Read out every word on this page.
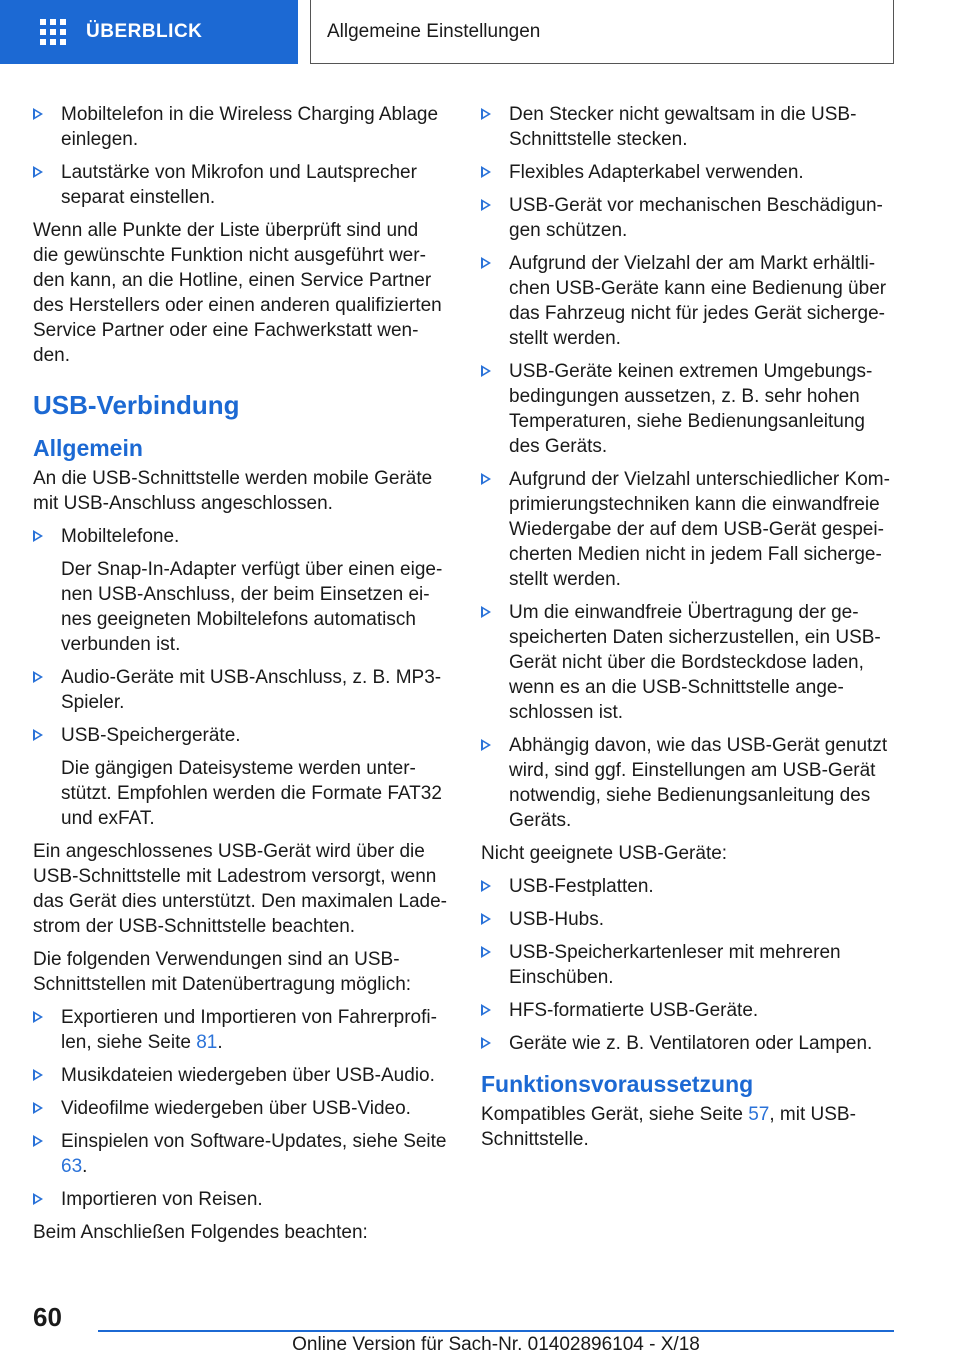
ÜBERBLICK	Allgemeine Einstellungen
Mobiltelefon in die Wireless Charging Ablage einlegen.
Lautstärke von Mikrofon und Lautsprecher separat einstellen.

Wenn alle Punkte der Liste überprüft sind und die gewünschte Funktion nicht ausgeführt werden kann, an die Hotline, einen Service Partner des Herstellers oder einen anderen qualifizierten Service Partner oder eine Fachwerkstatt wenden.

USB-Verbindung
Allgemein

An die USB-Schnittstelle werden mobile Geräte mit USB-Anschluss angeschlossen.

Mobiltelefone.
Der Snap-In-Adapter verfügt über einen eigenen USB-Anschluss, der beim Einsetzen eines geeigneten Mobiltelefons automatisch verbunden ist.
Audio-Geräte mit USB-Anschluss, z. B. MP3-Spieler.
USB-Speichergeräte.
Die gängigen Dateisysteme werden unterstützt. Empfohlen werden die Formate FAT32 und exFAT.

Ein angeschlossenes USB-Gerät wird über die USB-Schnittstelle mit Ladestrom versorgt, wenn das Gerät dies unterstützt. Den maximalen Ladestrom der USB-Schnittstelle beachten.

Die folgenden Verwendungen sind an USB-Schnittstellen mit Datenübertragung möglich:

Exportieren und Importieren von Fahrerprofilen, siehe Seite 81.
Musikdateien wiedergeben über USB-Audio.
Videofilme wiedergeben über USB-Video.
Einspielen von Software-Updates, siehe Seite 63.
Importieren von Reisen.

Beim Anschließen Folgendes beachten:

Den Stecker nicht gewaltsam in die USB-Schnittstelle stecken.
Flexibles Adapterkabel verwenden.
USB-Gerät vor mechanischen Beschädigungen schützen.
Aufgrund der Vielzahl der am Markt erhältlichen USB-Geräte kann eine Bedienung über das Fahrzeug nicht für jedes Gerät sichergestellt werden.
USB-Geräte keinen extremen Umgebungsbedingungen aussetzen, z. B. sehr hohen Temperaturen, siehe Bedienungsanleitung des Geräts.
Aufgrund der Vielzahl unterschiedlicher Komprimierungstechniken kann die einwandfreie Wiedergabe der auf dem USB-Gerät gespeicherten Medien nicht in jedem Fall sichergestellt werden.
Um die einwandfreie Übertragung der gespeicherten Daten sicherzustellen, ein USB-Gerät nicht über die Bordsteckdose laden, wenn es an die USB-Schnittstelle angeschlossen ist.
Abhängig davon, wie das USB-Gerät genutzt wird, sind ggf. Einstellungen am USB-Gerät notwendig, siehe Bedienungsanleitung des Geräts.

Nicht geeignete USB-Geräte:

USB-Festplatten.
USB-Hubs.
USB-Speicherkartenleser mit mehreren Einschüben.
HFS-formatierte USB-Geräte.
Geräte wie z. B. Ventilatoren oder Lampen.
Funktionsvoraussetzung

Kompatibles Gerät, siehe Seite 57, mit USB-Schnittstelle.

60
Online Version für Sach-Nr. 01402896104 - X/18
